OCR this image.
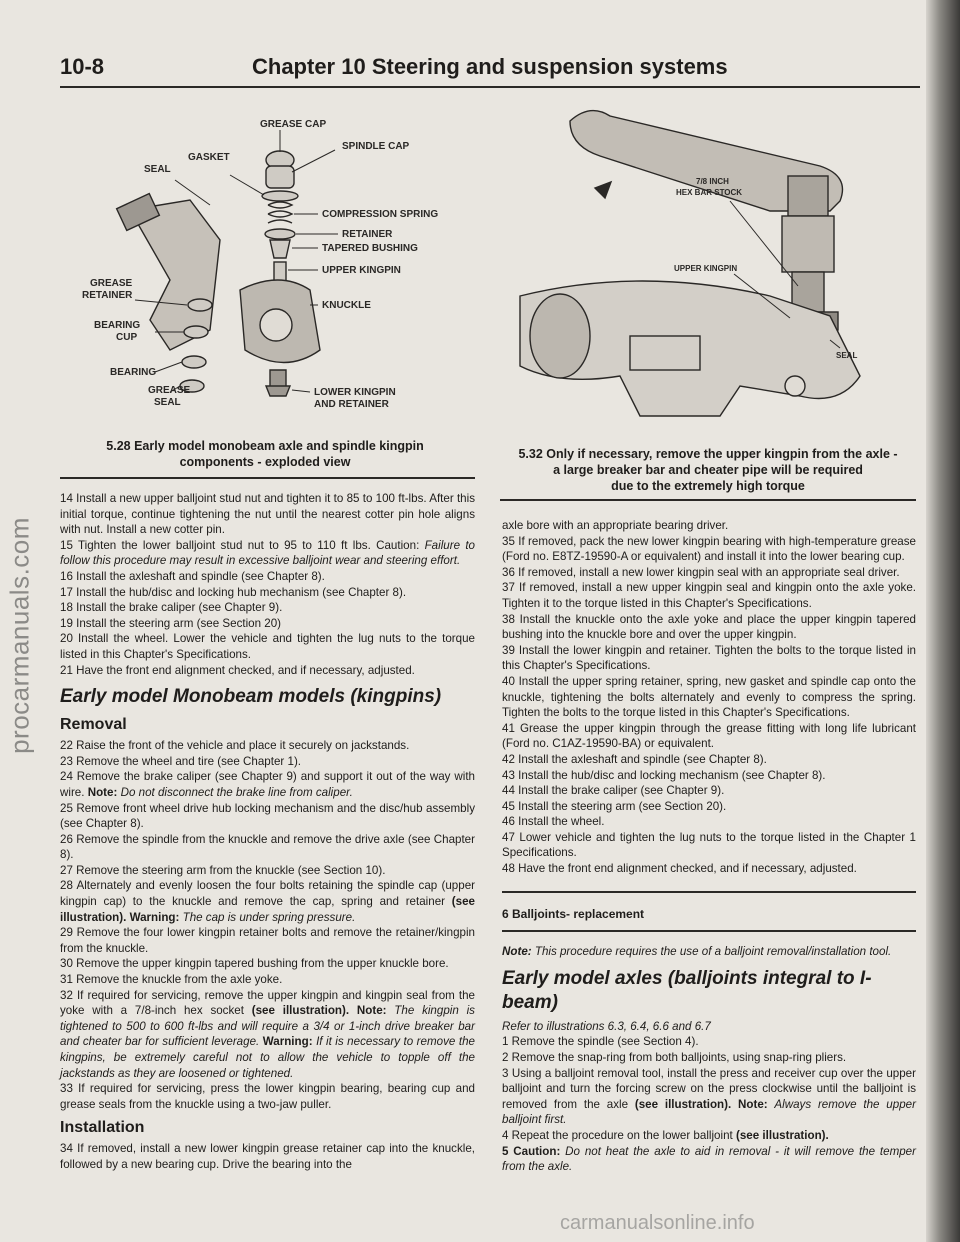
10-8	Chapter 10 Steering and suspension systems
procarmanuals.com
GREASE CAP
SPINDLE CAP
GASKET
SEAL
COMPRESSION SPRING
RETAINER
TAPERED BUSHING
UPPER KINGPIN
GREASE
RETAINER
KNUCKLE
BEARING
CUP
BEARING
GREASE
SEAL
LOWER KINGPIN
AND RETAINER
5.28 Early model monobeam axle and spindle kingpin
components - exploded view
7/8 INCH
HEX BAR STOCK
UPPER KINGPIN
SEAL
5.32 Only if necessary, remove the upper kingpin from the axle -
a large breaker bar and cheater pipe will be required
due to the extremely high torque

14 Install a new upper balljoint stud nut and tighten it to 85 to 100 ft-lbs. After this initial torque, continue tightening the nut until the nearest cotter pin hole aligns with nut. Install a new cotter pin.

15 Tighten the lower balljoint stud nut to 95 to 110 ft lbs. Caution: Failure to follow this procedure may result in excessive balljoint wear and steering effort.

16 Install the axleshaft and spindle (see Chapter 8).

17 Install the hub/disc and locking hub mechanism (see Chapter 8).

18 Install the brake caliper (see Chapter 9).

19 Install the steering arm (see Section 20)

20 Install the wheel. Lower the vehicle and tighten the lug nuts to the torque listed in this Chapter's Specifications.

21 Have the front end alignment checked, and if necessary, adjusted.

Early model Monobeam models (kingpins)
Removal

22 Raise the front of the vehicle and place it securely on jackstands.

23 Remove the wheel and tire (see Chapter 1).

24 Remove the brake caliper (see Chapter 9) and support it out of the way with wire. Note: Do not disconnect the brake line from caliper.

25 Remove front wheel drive hub locking mechanism and the disc/hub assembly (see Chapter 8).

26 Remove the spindle from the knuckle and remove the drive axle (see Chapter 8).

27 Remove the steering arm from the knuckle (see Section 10).

28 Alternately and evenly loosen the four bolts retaining the spindle cap (upper kingpin cap) to the knuckle and remove the cap, spring and retainer (see illustration). Warning: The cap is under spring pressure.

29 Remove the four lower kingpin retainer bolts and remove the retainer/kingpin from the knuckle.

30 Remove the upper kingpin tapered bushing from the upper knuckle bore.

31 Remove the knuckle from the axle yoke.

32 If required for servicing, remove the upper kingpin and kingpin seal from the yoke with a 7/8-inch hex socket (see illustration). Note: The kingpin is tightened to 500 to 600 ft-lbs and will require a 3/4 or 1-inch drive breaker bar and cheater bar for sufficient leverage. Warning: If it is necessary to remove the kingpins, be extremely careful not to allow the vehicle to topple off the jackstands as they are loosened or tightened.

33 If required for servicing, press the lower kingpin bearing, bearing cup and grease seals from the knuckle using a two-jaw puller.

Installation

34 If removed, install a new lower kingpin grease retainer cap into the knuckle, followed by a new bearing cup. Drive the bearing into the

axle bore with an appropriate bearing driver.

35 If removed, pack the new lower kingpin bearing with high-temperature grease (Ford no. E8TZ-19590-A or equivalent) and install it into the lower bearing cup.

36 If removed, install a new lower kingpin seal with an appropriate seal driver.

37 If removed, install a new upper kingpin seal and kingpin onto the axle yoke. Tighten it to the torque listed in this Chapter's Specifications.

38 Install the knuckle onto the axle yoke and place the upper kingpin tapered bushing into the knuckle bore and over the upper kingpin.

39 Install the lower kingpin and retainer. Tighten the bolts to the torque listed in this Chapter's Specifications.

40 Install the upper spring retainer, spring, new gasket and spindle cap onto the knuckle, tightening the bolts alternately and evenly to compress the spring. Tighten the bolts to the torque listed in this Chapter's Specifications.

41 Grease the upper kingpin through the grease fitting with long life lubricant (Ford no. C1AZ-19590-BA) or equivalent.

42 Install the axleshaft and spindle (see Chapter 8).

43 Install the hub/disc and locking mechanism (see Chapter 8).

44 Install the brake caliper (see Chapter 9).

45 Install the steering arm (see Section 20).

46 Install the wheel.

47 Lower vehicle and tighten the lug nuts to the torque listed in the Chapter 1 Specifications.

48 Have the front end alignment checked, and if necessary, adjusted.

6 Balljoints- replacement

Note: This procedure requires the use of a balljoint removal/installation tool.

Early model axles (balljoints integral to I-beam)

Refer to illustrations 6.3, 6.4, 6.6 and 6.7

1 Remove the spindle (see Section 4).

2 Remove the snap-ring from both balljoints, using snap-ring pliers.

3 Using a balljoint removal tool, install the press and receiver cup over the upper balljoint and turn the forcing screw on the press clockwise until the balljoint is removed from the axle (see illustration). Note: Always remove the upper balljoint first.

4 Repeat the procedure on the lower balljoint (see illustration).

5 Caution: Do not heat the axle to aid in removal - it will remove the temper from the axle.

carmanualsonline.info
